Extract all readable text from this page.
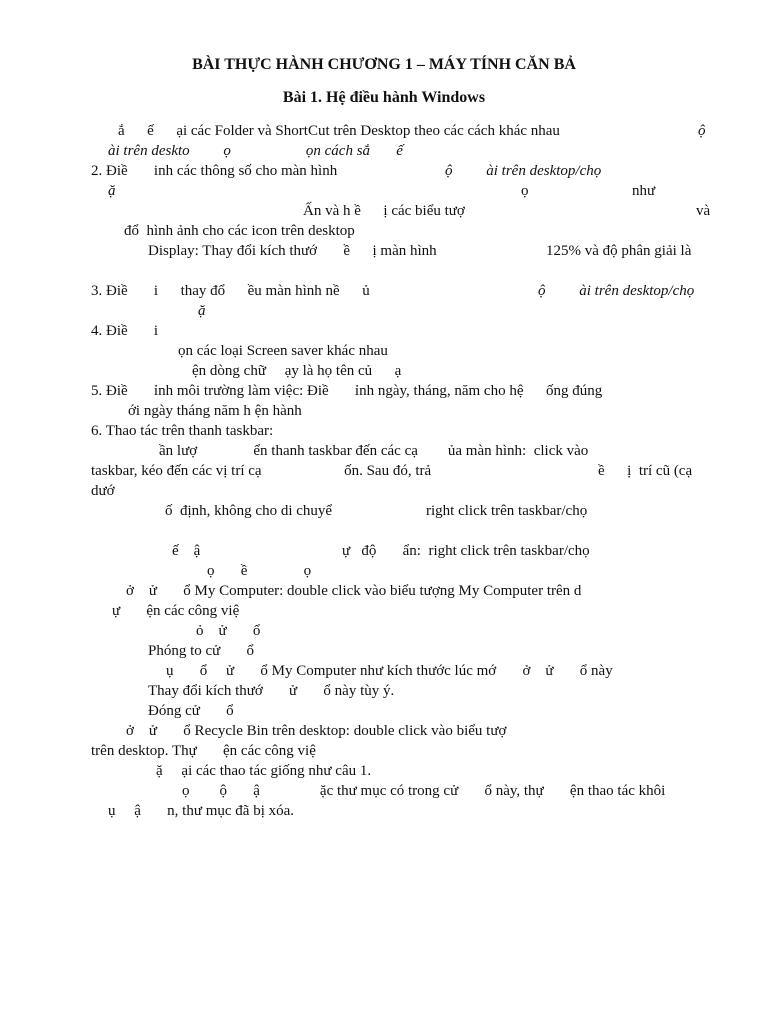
BÀI THỰC HÀNH CHƯƠNG 1 – MÁY TÍNH CĂN BẢ
Bài 1. Hệ điều hành Windows
ắ      ế      ại các Folder và ShortCut trên Desktop theo các cách khác nhau	ộ
ài trên deskto         ọ                    ọn cách sắ       ế
2. Điề       inh các thông số cho màn hình	ộ         ài trên desktop/chọ
ặ	ọ	như
Ấn và h ề      ị các biểu tượ	và
đổ  hình ảnh cho các icon trên desktop
Display: Thay đổi kích thướ       ề      ị màn hình	125% và độ phân giải là
3. Điề       i      thay đổ      ều màn hình nề      ủ	ộ         ài trên desktop/chọ
ặ
4. Điề       i
ọn các loại Screen saver khác nhau
ện dòng chữ     ạy là họ tên củ      ạ
5. Điề       ỉnh môi trường làm việc: Điề       ỉnh ngày, tháng, năm cho hệ      ống đúng
ới ngày tháng năm h ện hành
6. Thao tác trên thanh taskbar:
ần lượ               ển thanh taskbar đến các cạ        ủa màn hình:  click vào
taskbar, kéo đến các vị trí cạ                      ốn. Sau đó, trả	ề      ị  trí cũ (cạ
dướ
ố  định, không cho di chuyể	right click trên taskbar/chọ
ế    ậ	ự   độ       ẩn:  right click trên taskbar/chọ
ọ       ề               ọ
ở    ử       ổ My Computer: double click vào biểu tượng My Computer trên d
ự       ện các công việ
ỏ    ử       ổ
Phóng to cử       ổ
ụ       ổ     ử       ổ My Computer như kích thước lúc mớ       ở    ử       ổ này
Thay đổi kích thướ       ử       ổ này tùy ý.
Đóng cử       ổ
ở    ử       ổ Recycle Bin trên desktop: double click vào biểu tượ
trên desktop. Thự       ện các công việ
ặ     ại các thao tác giống như câu 1.
ọ        ộ       ậ                ặc thư mục có trong cử       ổ này, thự       ện thao tác khôi
ụ     ậ       n, thư mục đã bị xóa.
